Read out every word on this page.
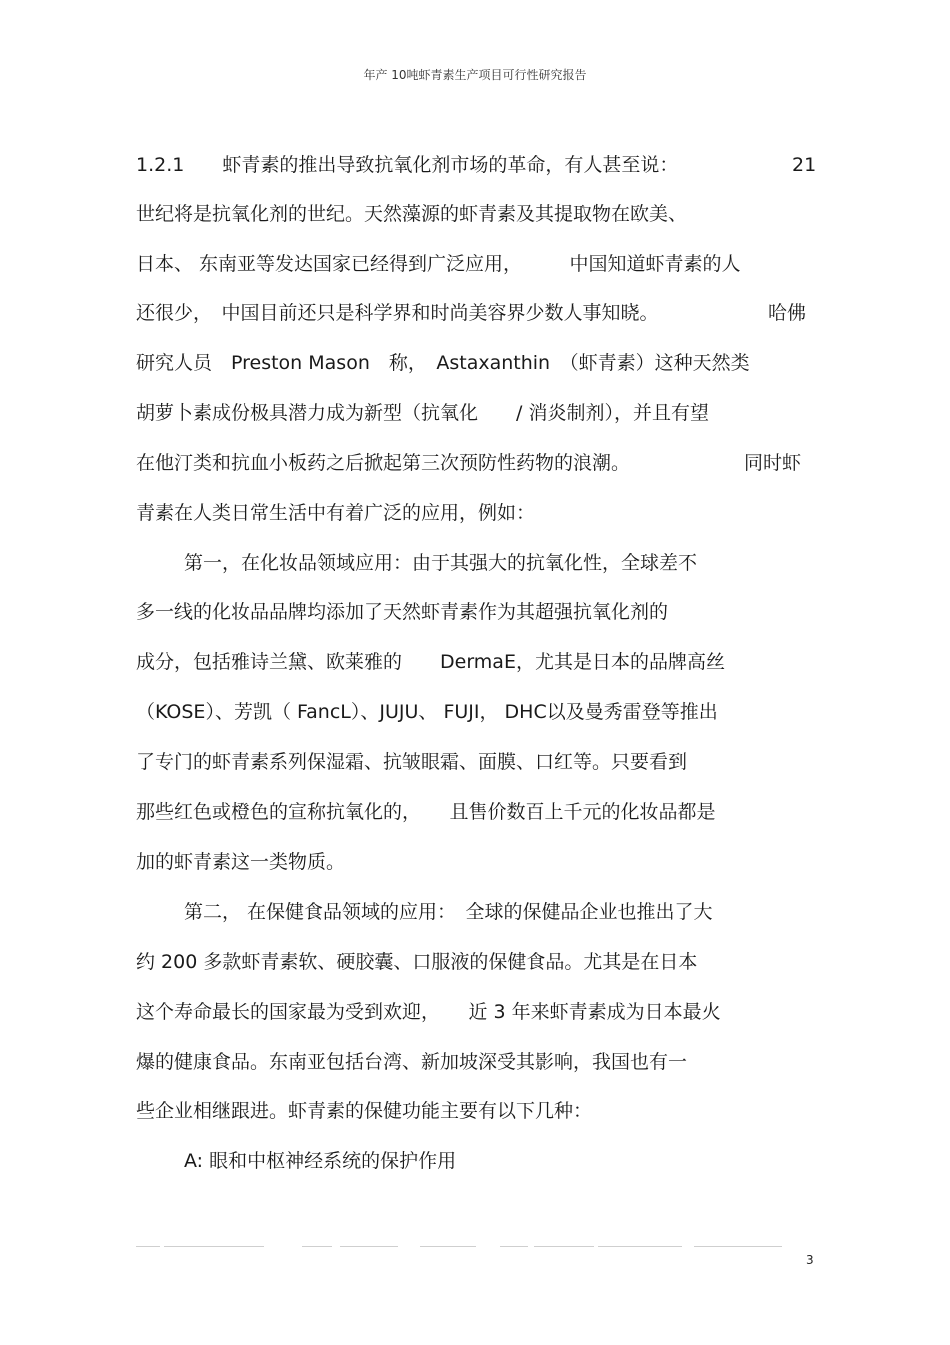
年产 10吨虾青素生产项目可行性研究报告
1.2.1　　虾青素的推出导致抗氧化剂市场的革命，有人甚至说：	21
世纪将是抗氧化剂的世纪。天然藻源的虾青素及其提取物在欧美、
日本、 东南亚等发达国家已经得到广泛应用，　　　中国知道虾青素的人
还很少，　中国目前还只是科学界和时尚美容界少数人事知晓。	哈佛
研究人员　Preston Mason　称，　Astaxanthin　（虾青素）这种天然类
胡萝卜素成份极具潜力成为新型（抗氧化　　/ 消炎制剂），并且有望
在他汀类和抗血小板药之后掀起第三次预防性药物的浪潮。	同时虾
青素在人类日常生活中有着广泛的应用，例如：
第一，在化妆品领域应用：由于其强大的抗氧化性，全球差不
多一线的化妆品品牌均添加了天然虾青素作为其超强抗氧化剂的
成分，包括雅诗兰黛、欧莱雅的　　DermaE，尤其是日本的品牌高丝
（KOSE）、芳凯（ FancL）、JUJU、 FUJI， DHC以及曼秀雷登等推出
了专门的虾青素系列保湿霜、抗皱眼霜、面膜、口红等。只要看到
那些红色或橙色的宣称抗氧化的，　　且售价数百上千元的化妆品都是
加的虾青素这一类物质。
第二， 在保健食品领域的应用：　全球的保健品企业也推出了大
约 200 多款虾青素软、硬胶囊、口服液的保健食品。尤其是在日本
这个寿命最长的国家最为受到欢迎，　　近 3 年来虾青素成为日本最火
爆的健康食品。东南亚包括台湾、新加坡深受其影响，我国也有一
些企业相继跟进。虾青素的保健功能主要有以下几种：
A: 眼和中枢神经系统的保护作用
3
